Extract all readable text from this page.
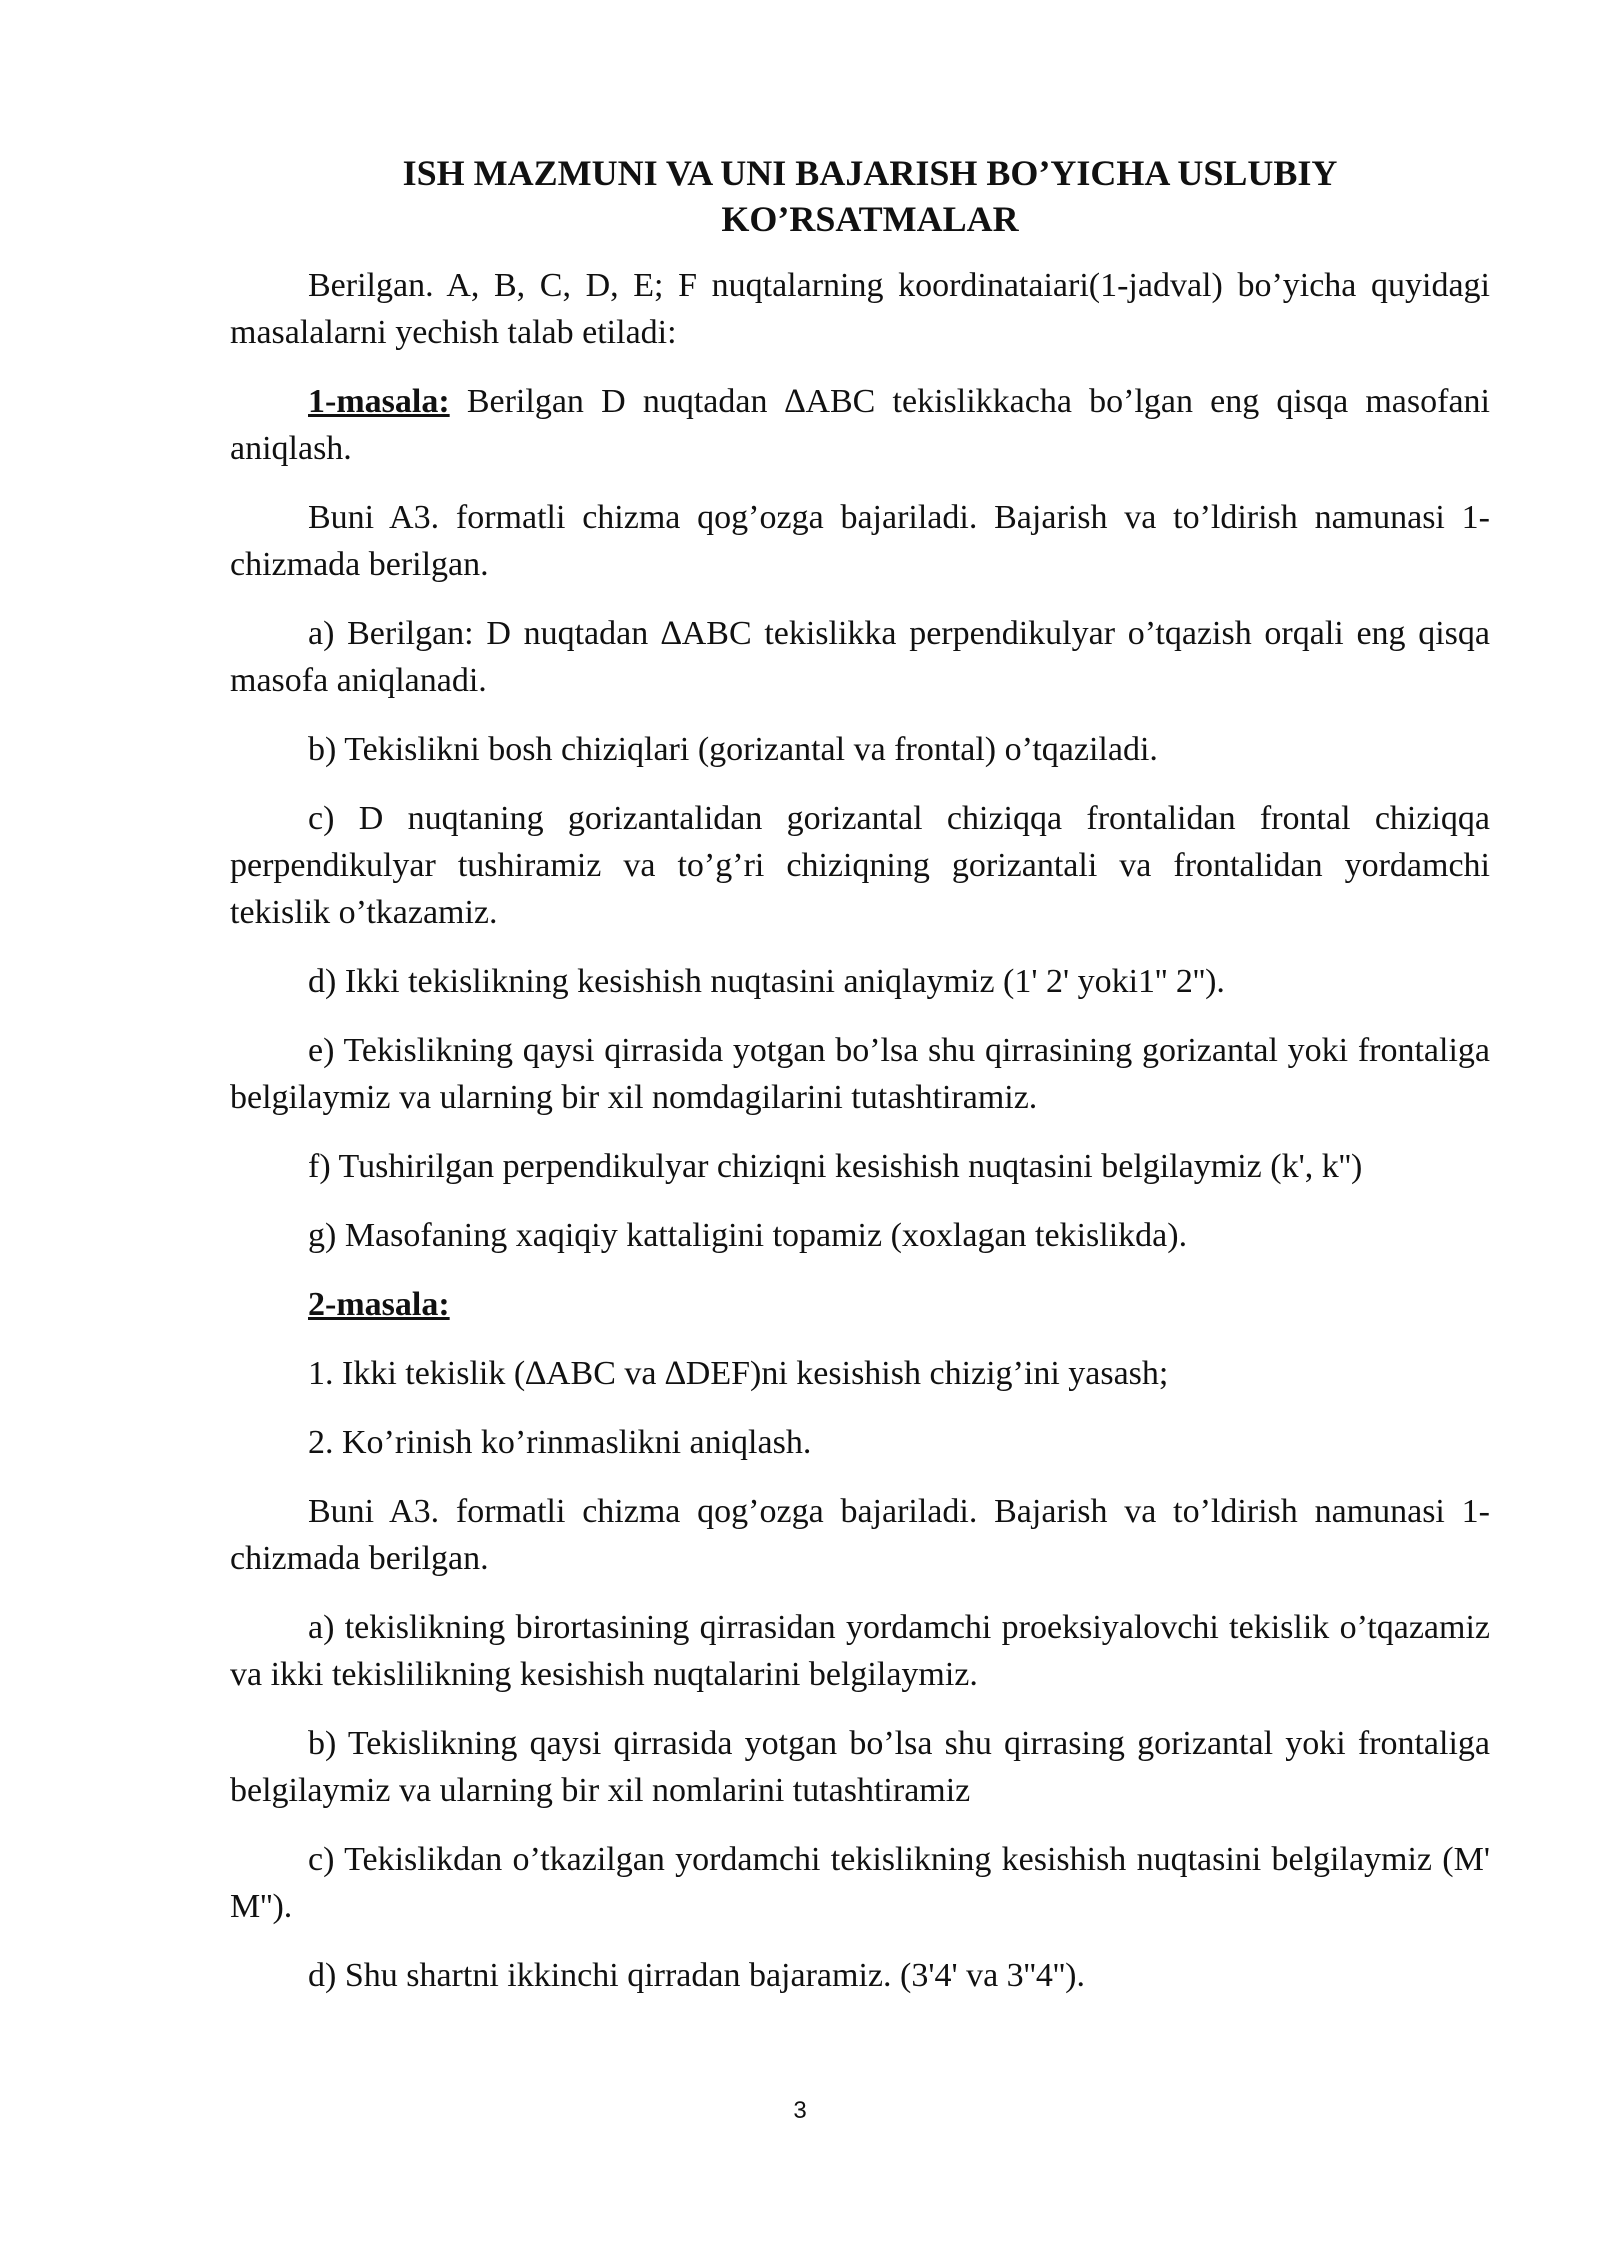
ISH MAZMUNI VA UNI BAJARISH BO’YICHA USLUBIY
KO’RSATMALAR

Berilgan. A, B, C, D, E; F nuqtalarning koordinataiari(1-jadval) bo’yicha quyidagi masalalarni yechish talab etiladi:

1-masala: Berilgan D nuqtadan ∆ABC tekislikkacha bo’lgan eng qisqa masofani aniqlash.

Buni A3. formatli chizma qog’ozga bajariladi. Bajarish va to’ldirish namunasi 1-chizmada berilgan.

a) Berilgan: D nuqtadan ∆ABC tekislikka perpendikulyar o’tqazish orqali eng qisqa masofa aniqlanadi.

b) Tekislikni bosh chiziqlari (gorizantal va frontal) o’tqaziladi.

c) D nuqtaning gorizantalidan gorizantal chiziqqa frontalidan frontal chiziqqa perpendikulyar tushiramiz va to’g’ri chiziqning gorizantali va frontalidan yordamchi tekislik o’tkazamiz.

d) Ikki tekislikning kesishish nuqtasini aniqlaymiz (1' 2' yoki1'' 2'').

e) Tekislikning qaysi qirrasida yotgan bo’lsa shu qirrasining gorizantal yoki frontaliga belgilaymiz va ularning bir xil nomdagilarini tutashtiramiz.

f) Tushirilgan perpendikulyar chiziqni kesishish nuqtasini belgilaymiz (k', k'')

g) Masofaning xaqiqiy kattaligini topamiz (xoxlagan tekislikda).

2-masala:

1. Ikki tekislik (∆ABC va ∆DEF)ni kesishish chizig’ini yasash;

2. Ko’rinish ko’rinmaslikni aniqlash.

Buni A3. formatli chizma qog’ozga bajariladi. Bajarish va to’ldirish namunasi 1-chizmada berilgan.

a) tekislikning birortasining qirrasidan yordamchi proeksiyalovchi tekislik o’tqazamiz va ikki tekislilikning kesishish nuqtalarini belgilaymiz.

b) Tekislikning qaysi qirrasida yotgan bo’lsa shu qirrasing gorizantal yoki frontaliga belgilaymiz va ularning bir xil nomlarini tutashtiramiz

c) Tekislikdan o’tkazilgan yordamchi tekislikning kesishish nuqtasini belgilaymiz (M' M'').

d) Shu shartni ikkinchi qirradan bajaramiz. (3'4' va 3''4'').

3
